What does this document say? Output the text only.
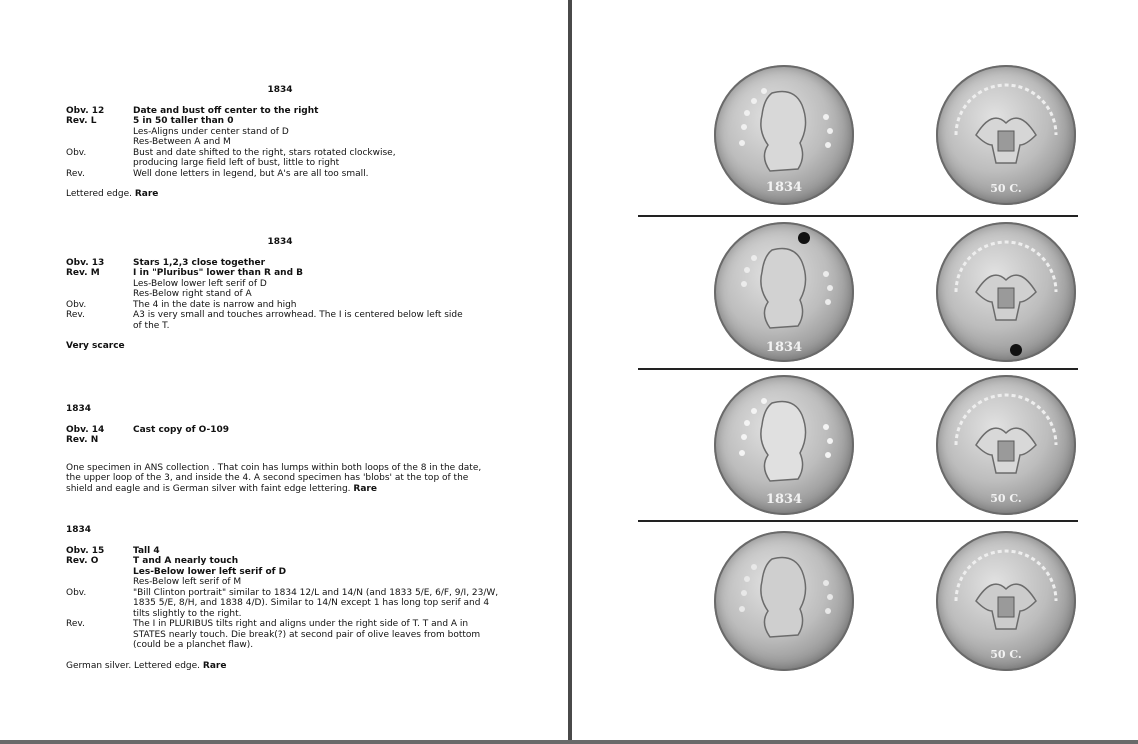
1834
Obv. 12	Date and bust off center to the right
Rev. L	5 in 50 taller than 0
Les-Aligns under center stand of D
Res-Between A and M
Obv.	Bust and date shifted to the right, stars rotated clockwise,
producing large field left of bust, little to right
Rev.	Well done letters in legend, but A's are all too small.
Lettered edge. Rare
1834
Obv. 13	Stars 1,2,3 close together
Rev. M	I in "Pluribus" lower than R and B
Les-Below lower left serif of D
Res-Below right stand of A
Obv.	The 4 in the date is narrow and high
Rev.	A3 is very small and touches arrowhead. The I is centered below left side
of the T.
Very scarce
1834
Obv. 14	Cast copy of O-109
Rev. N
One specimen in ANS collection . That coin has lumps within both loops of the 8 in the date, the upper loop of the 3, and inside the 4. A second specimen has 'blobs' at the top of the shield and eagle and is German silver with faint edge lettering. Rare
1834
Obv. 15	Tall 4
Rev. O	T and A nearly touch
Les-Below lower left serif of D
Res-Below left serif of M
Obv.	"Bill Clinton portrait" similar to 1834 12/L and 14/N (and 1833 5/E, 6/F, 9/I, 23/W,
1835 5/E, 8/H, and 1838 4/D). Similar to 14/N except 1 has long top serif and 4
tilts slightly to the right.
Rev.	The I in PLURIBUS tilts right and aligns under the right side of T. T and A in
STATES nearly touch. Die break(?) at second pair of olive leaves from bottom
(could be a planchet flaw).
German silver. Lettered edge. Rare
1834	50 C.
1834
1834	50 C.
50 C.
